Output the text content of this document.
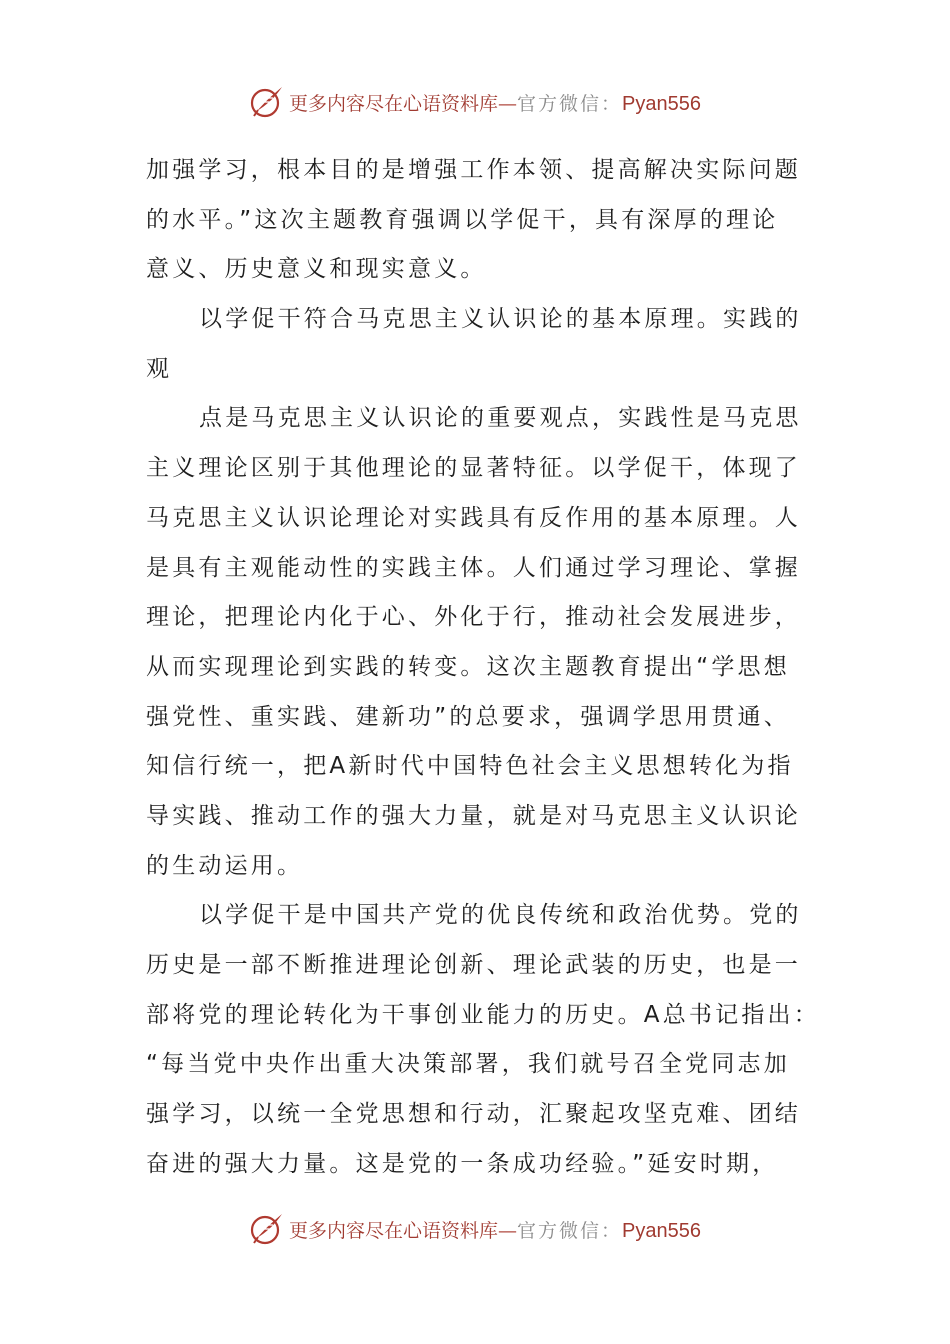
更多内容尽在心语资料库—官方微信：Pyan556
加强学习，根本目的是增强工作本领、提高解决实际问题
的水平。”这次主题教育强调以学促干，具有深厚的理论
意义、历史意义和现实意义。
以学促干符合马克思主义认识论的基本原理。实践的
观
点是马克思主义认识论的重要观点，实践性是马克思
主义理论区别于其他理论的显著特征。以学促干，体现了
马克思主义认识论理论对实践具有反作用的基本原理。人
是具有主观能动性的实践主体。人们通过学习理论、掌握
理论，把理论内化于心、外化于行，推动社会发展进步，
从而实现理论到实践的转变。这次主题教育提出“学思想
强党性、重实践、建新功”的总要求，强调学思用贯通、
知信行统一，把A新时代中国特色社会主义思想转化为指
导实践、推动工作的强大力量，就是对马克思主义认识论
的生动运用。
以学促干是中国共产党的优良传统和政治优势。党的
历史是一部不断推进理论创新、理论武装的历史，也是一
部将党的理论转化为干事创业能力的历史。A总书记指出：
“每当党中央作出重大决策部署，我们就号召全党同志加
强学习，以统一全党思想和行动，汇聚起攻坚克难、团结
奋进的强大力量。这是党的一条成功经验。”延安时期，
更多内容尽在心语资料库—官方微信：Pyan556
